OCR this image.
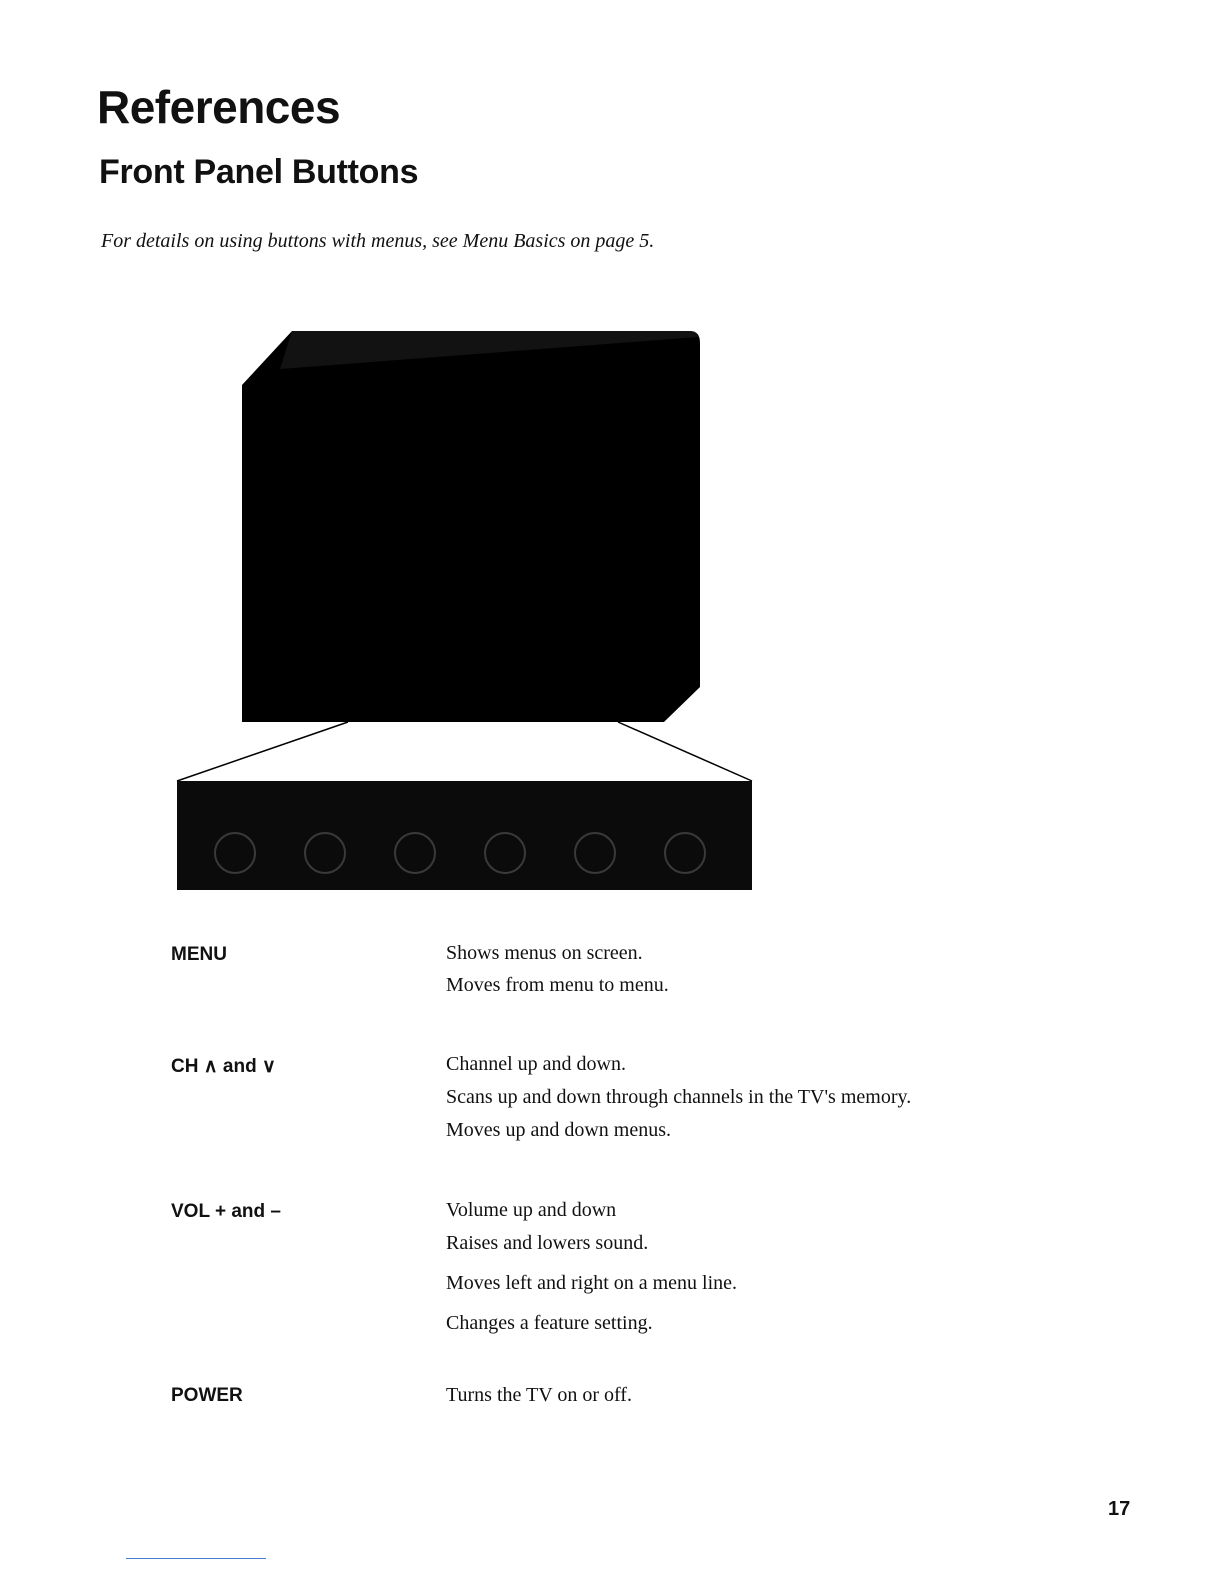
References
Front Panel Buttons

For details on using buttons with menus, see Menu Basics on page 5.

MENU	Shows menus on screen.

Moves from menu to menu.

CH ∧ and ∨	Channel up and down.

Scans up and down through channels in the TV's memory.

Moves up and down menus.

VOL + and –	Volume up and down

Raises and lowers sound.

Moves left and right on a menu line.

Changes a feature setting.

POWER	Turns the TV on or off.

17
